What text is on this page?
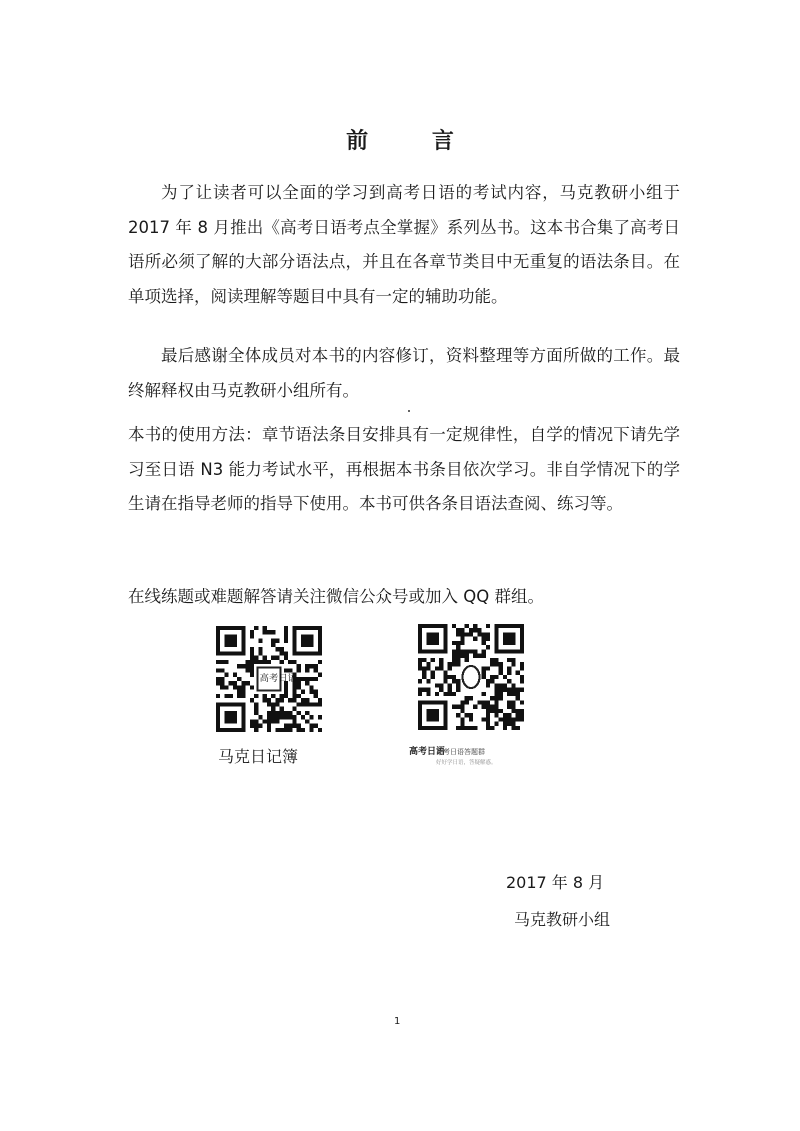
前 言
为了让读者可以全面的学习到高考日语的考试内容，马克教研小组于 2017 年 8 月推出《高考日语考点全掌握》系列丛书。这本书合集了高考日语所必须了解的大部分语法点，并且在各章节类目中无重复的语法条目。在单项选择，阅读理解等题目中具有一定的辅助功能。
最后感谢全体成员对本书的内容修订，资料整理等方面所做的工作。最终解释权由马克教研小组所有。
本书的使用方法：章节语法条目安排具有一定规律性，自学的情况下请先学习至日语 N3 能力考试水平，再根据本书条目依次学习。非自学情况下的学生请在指导老师的指导下使用。本书可供各条目语法查阅、练习等。
在线练题或难题解答请关注微信公众号或加入 QQ 群组。
高考日语
马克日记簿	高考日语
高考日语答题群
好好学日语，答疑解惑。
2017 年 8 月
马克教研小组
1
